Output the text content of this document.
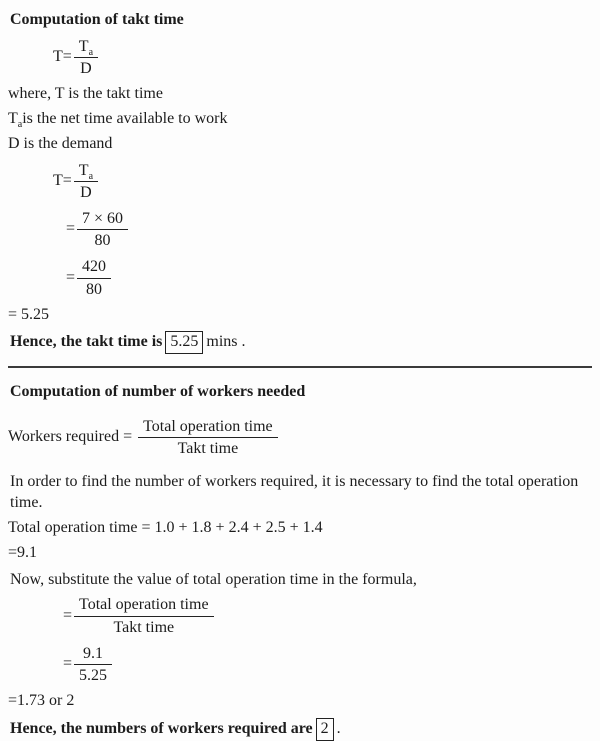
Computation of takt time
$T= \frac{T_a}{D}$
where, T is the takt time
$T_ais$ the net time available to work
D is the demand
$T= \frac{T_a}{D}$
= $\frac{7 \times 60}{80}$
= $\frac{420}{80}$
= 5.25
Hence, the takt time is 5.25 mins .
Computation of number of workers needed
Workers required = $\frac{\text{Total operation time}}{\text{Takt time}}$
In order to find the number of workers required, it is necessary to find the total operation time.
Total operation time = 1.0 + 1.8 + 2.4 + 2.5 + 1.4
=9.1
Now, substitute the value of total operation time in the formula,
= $\frac{\text{Total operation time}}{\text{Takt time}}$
= $\frac{9.1}{5.25}$
=1.73 or 2
Hence, the numbers of workers required are 2 .
